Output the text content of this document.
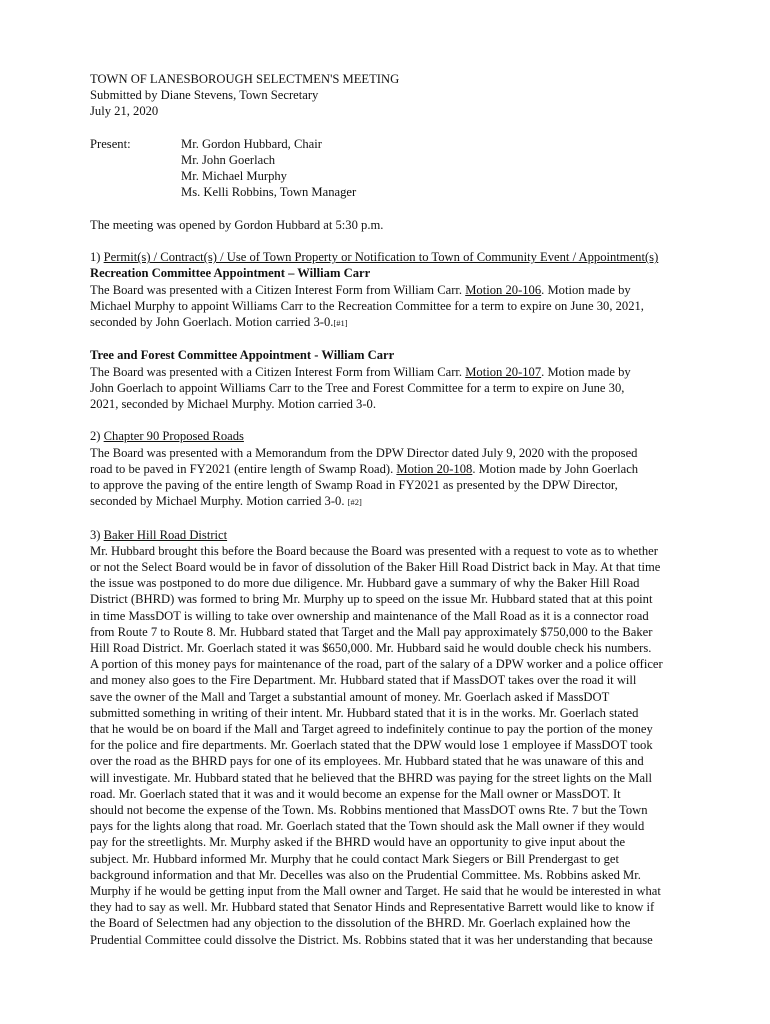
TOWN OF LANESBOROUGH SELECTMEN'S MEETING
Submitted by Diane Stevens, Town Secretary
July 21, 2020
Present:	Mr. Gordon Hubbard, Chair
Mr. John Goerlach
Mr. Michael Murphy
Ms. Kelli Robbins, Town Manager
The meeting was opened by Gordon Hubbard at 5:30 p.m.
1) Permit(s) / Contract(s) / Use of Town Property or Notification to Town of Community Event / Appointment(s)
Recreation Committee Appointment – William Carr
The Board was presented with a Citizen Interest Form from William Carr. Motion 20-106. Motion made by
Michael Murphy to appoint Williams Carr to the Recreation Committee for a term to expire on June 30, 2021,
seconded by John Goerlach. Motion carried 3-0.[#1]
Tree and Forest Committee Appointment - William Carr
The Board was presented with a Citizen Interest Form from William Carr. Motion 20-107. Motion made by
John Goerlach to appoint Williams Carr to the Tree and Forest Committee for a term to expire on June 30,
2021, seconded by Michael Murphy. Motion carried 3-0.
2) Chapter 90 Proposed Roads
The Board was presented with a Memorandum from the DPW Director dated July 9, 2020 with the proposed
road to be paved in FY2021 (entire length of Swamp Road). Motion 20-108. Motion made by John Goerlach
to approve the paving of the entire length of Swamp Road in FY2021 as presented by the DPW Director,
seconded by Michael Murphy. Motion carried 3-0. [#2]
3) Baker Hill Road District
Mr. Hubbard brought this before the Board because the Board was presented with a request to vote as to whether
or not the Select Board would be in favor of dissolution of the Baker Hill Road District back in May. At that time
the issue was postponed to do more due diligence. Mr. Hubbard gave a summary of why the Baker Hill Road
District (BHRD) was formed to bring Mr. Murphy up to speed on the issue Mr. Hubbard stated that at this point
in time MassDOT is willing to take over ownership and maintenance of the Mall Road as it is a connector road
from Route 7 to Route 8. Mr. Hubbard stated that Target and the Mall pay approximately $750,000 to the Baker
Hill Road District. Mr. Goerlach stated it was $650,000. Mr. Hubbard said he would double check his numbers.
A portion of this money pays for maintenance of the road, part of the salary of a DPW worker and a police officer
and money also goes to the Fire Department. Mr. Hubbard stated that if MassDOT takes over the road it will
save the owner of the Mall and Target a substantial amount of money. Mr. Goerlach asked if MassDOT
submitted something in writing of their intent. Mr. Hubbard stated that it is in the works. Mr. Goerlach stated
that he would be on board if the Mall and Target agreed to indefinitely continue to pay the portion of the money
for the police and fire departments. Mr. Goerlach stated that the DPW would lose 1 employee if MassDOT took
over the road as the BHRD pays for one of its employees. Mr. Hubbard stated that he was unaware of this and
will investigate. Mr. Hubbard stated that he believed that the BHRD was paying for the street lights on the Mall
road. Mr. Goerlach stated that it was and it would become an expense for the Mall owner or MassDOT. It
should not become the expense of the Town. Ms. Robbins mentioned that MassDOT owns Rte. 7 but the Town
pays for the lights along that road. Mr. Goerlach stated that the Town should ask the Mall owner if they would
pay for the streetlights. Mr. Murphy asked if the BHRD would have an opportunity to give input about the
subject. Mr. Hubbard informed Mr. Murphy that he could contact Mark Siegers or Bill Prendergast to get
background information and that Mr. Decelles was also on the Prudential Committee. Ms. Robbins asked Mr.
Murphy if he would be getting input from the Mall owner and Target. He said that he would be interested in what
they had to say as well. Mr. Hubbard stated that Senator Hinds and Representative Barrett would like to know if
the Board of Selectmen had any objection to the dissolution of the BHRD. Mr. Goerlach explained how the
Prudential Committee could dissolve the District. Ms. Robbins stated that it was her understanding that because
